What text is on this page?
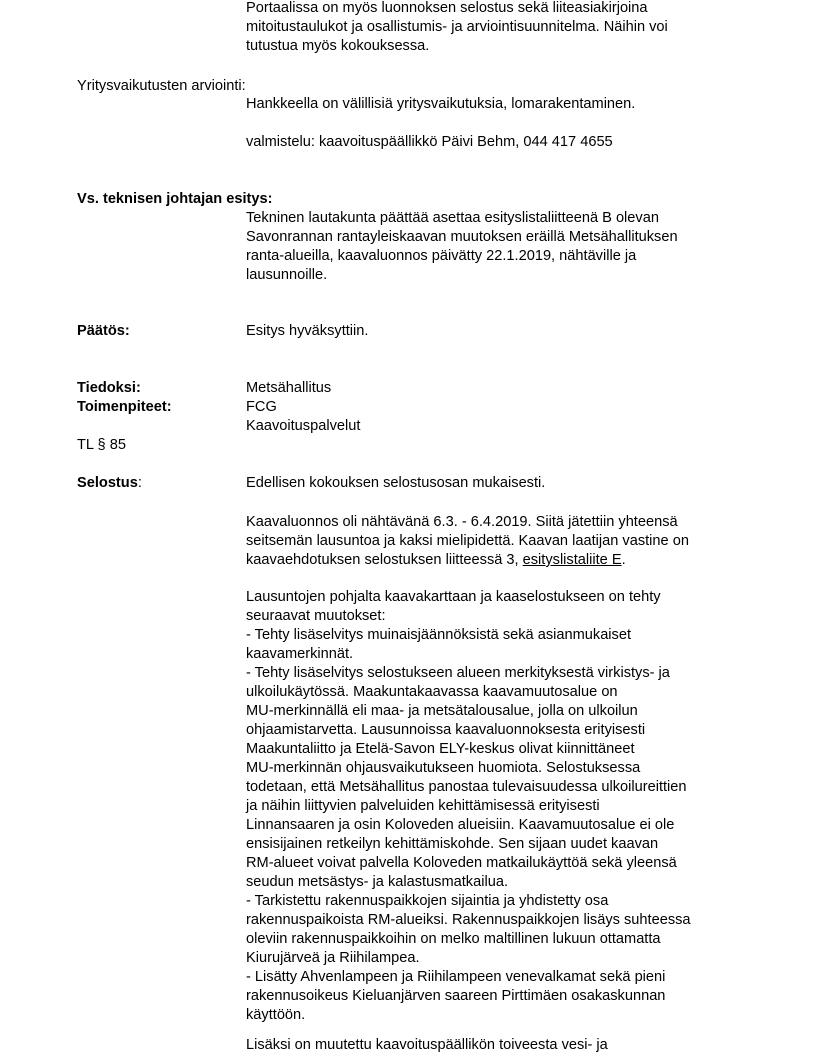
Portaalissa on myös luonnoksen selostus sekä liiteasiakirjoina
mitoitustaulukot ja osallistumis- ja arviointisuunnitelma. Näihin voi
tutustua myös kokouksessa.
Yritysvaikutusten arviointi:
Hankkeella on välillisiä yritysvaikutuksia, lomarakentaminen.
valmistelu: kaavoituspäällikkö Päivi Behm, 044 417 4655
Vs. teknisen johtajan esitys:
Tekninen lautakunta päättää asettaa esityslistaliitteenä B olevan
Savonrannan rantayleiskaavan muutoksen eräillä Metsähallituksen
ranta-alueilla, kaavaluonnos päivätty 22.1.2019, nähtäville ja
lausunnoille.
Päätös:	Esitys hyväksyttiin.
Tiedoksi:
Toimenpiteet:
Metsähallitus
FCG
Kaavoituspalvelut
TL § 85
Selostus:	Edellisen kokouksen selostusosan mukaisesti.
Kaavaluonnos oli nähtävänä 6.3. - 6.4.2019. Siitä jätettiin yhteensä
seitsemän lausuntoa ja kaksi mielipidettä. Kaavan laatijan vastine on
kaavaehdotuksen selostuksen liitteessä 3, esityslistaliite E.
Lausuntojen pohjalta kaavakarttaan ja kaaselostukseen on tehty
seuraavat muutokset:
- Tehty lisäselvitys muinaisjäännöksistä sekä asianmukaiset
kaavamerkinnät.
- Tehty lisäselvitys selostukseen alueen merkityksestä virkistys- ja
ulkoilukäytössä. Maakuntakaavassa kaavamuutosalue on
MU-merkinnällä eli maa- ja metsätalousalue, jolla on ulkoilun
ohjaamistarvetta. Lausunnoissa kaavaluonnoksesta erityisesti
Maakuntaliitto ja Etelä-Savon ELY-keskus olivat kiinnittäneet
MU-merkinnän ohjausvaikutukseen huomiota. Selostuksessa
todetaan, että Metsähallitus panostaa tulevaisuudessa ulkoilureittien
ja näihin liittyvien palveluiden kehittämisessä erityisesti
Linnansaaren ja osin Koloveden alueisiin. Kaavamuutosalue ei ole
ensisijainen retkeilyn kehittämiskohde. Sen sijaan uudet kaavan
RM-alueet voivat palvella Koloveden matkailukäyttöä sekä yleensä
seudun metsästys- ja kalastusmatkailua.
- Tarkistettu rakennuspaikkojen sijaintia ja yhdistetty osa
rakennuspaikoista RM-alueiksi. Rakennuspaikkojen lisäys suhteessa
oleviin rakennuspaikkoihin on melko maltillinen lukuun ottamatta
Kiurujärveä ja Riihilampea.
- Lisätty Ahvenlampeen ja Riihilampeen venevalkamat sekä pieni
rakennusoikeus Kieluanjärven saareen Pirttimäen osakaskunnan
käyttöön.
Lisäksi on muutettu kaavoituspäällikön toiveesta vesi- ja
